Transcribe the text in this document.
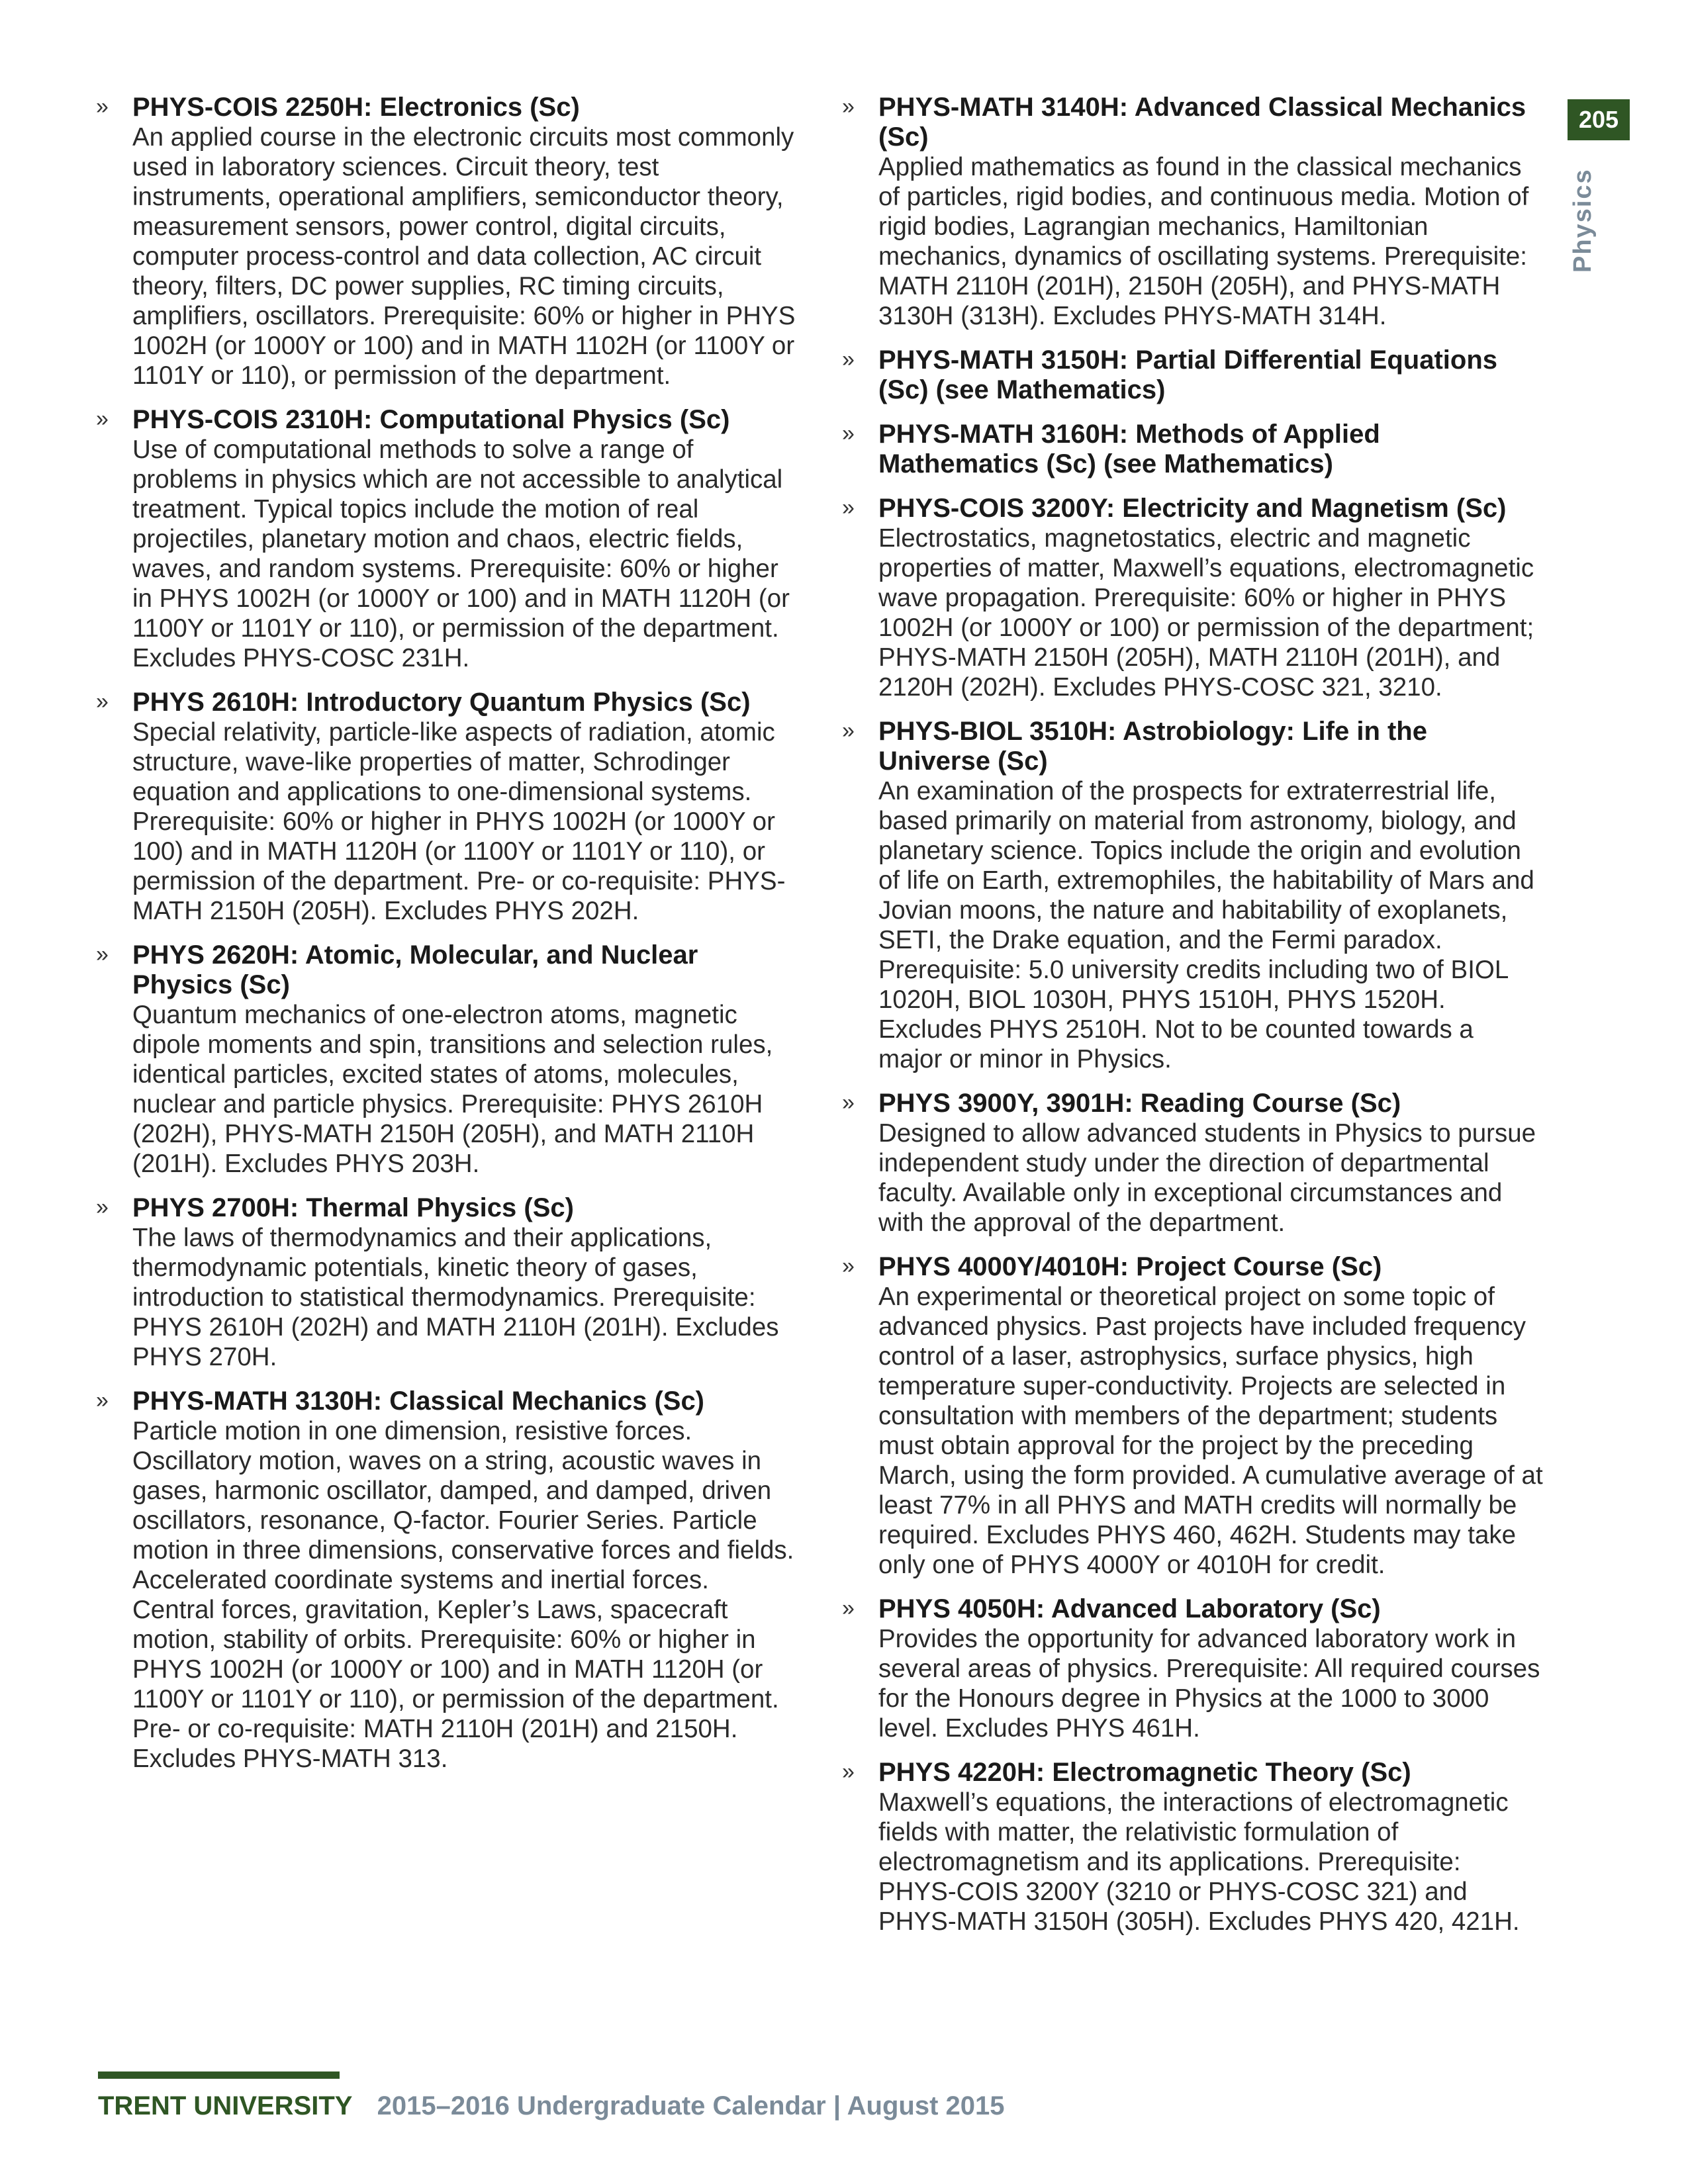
» PHYS-COIS 2250H: Electronics (Sc)
An applied course in the electronic circuits most commonly used in laboratory sciences. Circuit theory, test instruments, operational amplifiers, semiconductor theory, measurement sensors, power control, digital circuits, computer process-control and data collection, AC circuit theory, filters, DC power supplies, RC timing circuits, amplifiers, oscillators. Prerequisite: 60% or higher in PHYS 1002H (or 1000Y or 100) and in MATH 1102H (or 1100Y or 1101Y or 110), or permission of the department.
» PHYS-COIS 2310H: Computational Physics (Sc)
Use of computational methods to solve a range of problems in physics which are not accessible to analytical treatment. Typical topics include the motion of real projectiles, planetary motion and chaos, electric fields, waves, and random systems. Prerequisite: 60% or higher in PHYS 1002H (or 1000Y or 100) and in MATH 1120H (or 1100Y or 1101Y or 110), or permission of the department. Excludes PHYS-COSC 231H.
» PHYS 2610H: Introductory Quantum Physics (Sc)
Special relativity, particle-like aspects of radiation, atomic structure, wave-like properties of matter, Schrodinger equation and applications to one-dimensional systems. Prerequisite: 60% or higher in PHYS 1002H (or 1000Y or 100) and in MATH 1120H (or 1100Y or 1101Y or 110), or permission of the department. Pre- or co-requisite: PHYS-MATH 2150H (205H). Excludes PHYS 202H.
» PHYS 2620H: Atomic, Molecular, and Nuclear Physics (Sc)
Quantum mechanics of one-electron atoms, magnetic dipole moments and spin, transitions and selection rules, identical particles, excited states of atoms, molecules, nuclear and particle physics. Prerequisite: PHYS 2610H (202H), PHYS-MATH 2150H (205H), and MATH 2110H (201H). Excludes PHYS 203H.
» PHYS 2700H: Thermal Physics (Sc)
The laws of thermodynamics and their applications, thermodynamic potentials, kinetic theory of gases, introduction to statistical thermodynamics. Prerequisite: PHYS 2610H (202H) and MATH 2110H (201H). Excludes PHYS 270H.
» PHYS-MATH 3130H: Classical Mechanics (Sc)
Particle motion in one dimension, resistive forces. Oscillatory motion, waves on a string, acoustic waves in gases, harmonic oscillator, damped, and damped, driven oscillators, resonance, Q-factor. Fourier Series. Particle motion in three dimensions, conservative forces and fields. Accelerated coordinate systems and inertial forces. Central forces, gravitation, Kepler’s Laws, spacecraft motion, stability of orbits. Prerequisite: 60% or higher in PHYS 1002H (or 1000Y or 100) and in MATH 1120H (or 1100Y or 1101Y or 110), or permission of the department. Pre- or co-requisite: MATH 2110H (201H) and 2150H. Excludes PHYS-MATH 313.
» PHYS-MATH 3140H: Advanced Classical Mechanics (Sc)
Applied mathematics as found in the classical mechanics of particles, rigid bodies, and continuous media. Motion of rigid bodies, Lagrangian mechanics, Hamiltonian mechanics, dynamics of oscillating systems. Prerequisite: MATH 2110H (201H), 2150H (205H), and PHYS-MATH 3130H (313H). Excludes PHYS-MATH 314H.
» PHYS-MATH 3150H: Partial Differential Equations (Sc) (see Mathematics)
» PHYS-MATH 3160H: Methods of Applied Mathematics (Sc) (see Mathematics)
» PHYS-COIS 3200Y: Electricity and Magnetism (Sc)
Electrostatics, magnetostatics, electric and magnetic properties of matter, Maxwell’s equations, electromagnetic wave propagation. Prerequisite: 60% or higher in PHYS 1002H (or 1000Y or 100) or permission of the department; PHYS-MATH 2150H (205H), MATH 2110H (201H), and 2120H (202H). Excludes PHYS-COSC 321, 3210.
» PHYS-BIOL 3510H: Astrobiology: Life in the Universe (Sc)
An examination of the prospects for extraterrestrial life, based primarily on material from astronomy, biology, and planetary science. Topics include the origin and evolution of life on Earth, extremophiles, the habitability of Mars and Jovian moons, the nature and habitability of exoplanets, SETI, the Drake equation, and the Fermi paradox. Prerequisite: 5.0 university credits including two of BIOL 1020H, BIOL 1030H, PHYS 1510H, PHYS 1520H. Excludes PHYS 2510H. Not to be counted towards a major or minor in Physics.
» PHYS 3900Y, 3901H: Reading Course (Sc)
Designed to allow advanced students in Physics to pursue independent study under the direction of departmental faculty. Available only in exceptional circumstances and with the approval of the department.
» PHYS 4000Y/4010H: Project Course (Sc)
An experimental or theoretical project on some topic of advanced physics. Past projects have included frequency control of a laser, astrophysics, surface physics, high temperature super-conductivity. Projects are selected in consultation with members of the department; students must obtain approval for the project by the preceding March, using the form provided. A cumulative average of at least 77% in all PHYS and MATH credits will normally be required. Excludes PHYS 460, 462H. Students may take only one of PHYS 4000Y or 4010H for credit.
» PHYS 4050H: Advanced Laboratory (Sc)
Provides the opportunity for advanced laboratory work in several areas of physics. Prerequisite: All required courses for the Honours degree in Physics at the 1000 to 3000 level. Excludes PHYS 461H.
» PHYS 4220H: Electromagnetic Theory (Sc)
Maxwell’s equations, the interactions of electromagnetic fields with matter, the relativistic formulation of electromagnetism and its applications. Prerequisite: PHYS-COIS 3200Y (3210 or PHYS-COSC 321) and PHYS-MATH 3150H (305H). Excludes PHYS 420, 421H.
205
Physics
TRENT UNIVERSITY 2015–2016 Undergraduate Calendar | August 2015
